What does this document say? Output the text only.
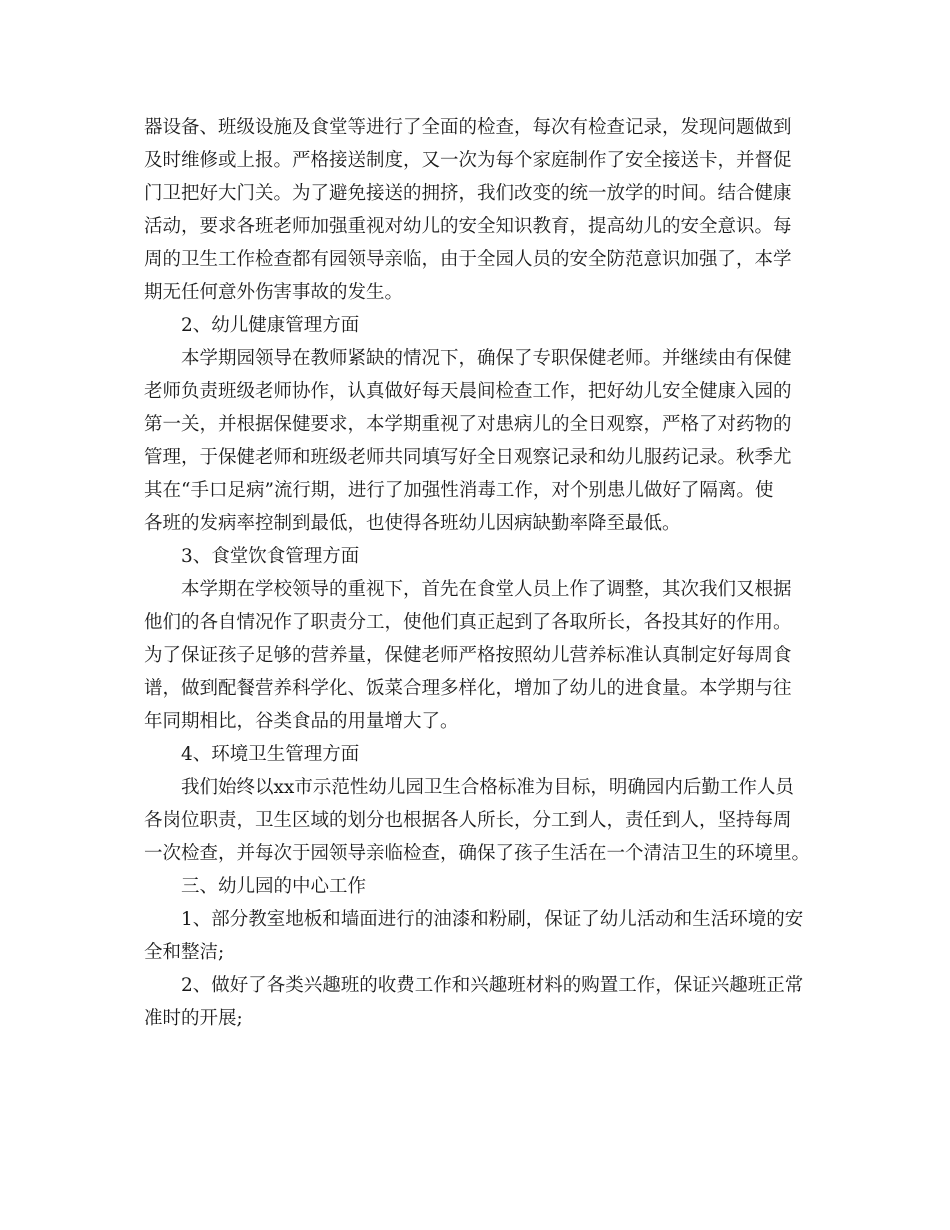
器设备、班级设施及食堂等进行了全面的检查，每次有检查记录，发现问题做到
及时维修或上报。严格接送制度，又一次为每个家庭制作了安全接送卡，并督促
门卫把好大门关。为了避免接送的拥挤，我们改变的统一放学的时间。结合健康
活动，要求各班老师加强重视对幼儿的安全知识教育，提高幼儿的安全意识。每
周的卫生工作检查都有园领导亲临，由于全园人员的安全防范意识加强了，本学
期无任何意外伤害事故的发生。
2、幼儿健康管理方面
本学期园领导在教师紧缺的情况下，确保了专职保健老师。并继续由有保健
老师负责班级老师协作，认真做好每天晨间检查工作，把好幼儿安全健康入园的
第一关，并根据保健要求，本学期重视了对患病儿的全日观察，严格了对药物的
管理，于保健老师和班级老师共同填写好全日观察记录和幼儿服药记录。秋季尤
其在“手口足病”流行期，进行了加强性消毒工作，对个别患儿做好了隔离。使
各班的发病率控制到最低，也使得各班幼儿因病缺勤率降至最低。
3、食堂饮食管理方面
本学期在学校领导的重视下，首先在食堂人员上作了调整，其次我们又根据
他们的各自情况作了职责分工，使他们真正起到了各取所长，各投其好的作用。
为了保证孩子足够的营养量，保健老师严格按照幼儿营养标准认真制定好每周食
谱，做到配餐营养科学化、饭菜合理多样化，增加了幼儿的进食量。本学期与往
年同期相比，谷类食品的用量增大了。
4、环境卫生管理方面
我们始终以xx市示范性幼儿园卫生合格标准为目标，明确园内后勤工作人员
各岗位职责，卫生区域的划分也根据各人所长，分工到人，责任到人，坚持每周
一次检查，并每次于园领导亲临检查，确保了孩子生活在一个清洁卫生的环境里。
三、幼儿园的中心工作
1、部分教室地板和墙面进行的油漆和粉刷，保证了幼儿活动和生活环境的安
全和整洁;
2、做好了各类兴趣班的收费工作和兴趣班材料的购置工作，保证兴趣班正常
准时的开展;
